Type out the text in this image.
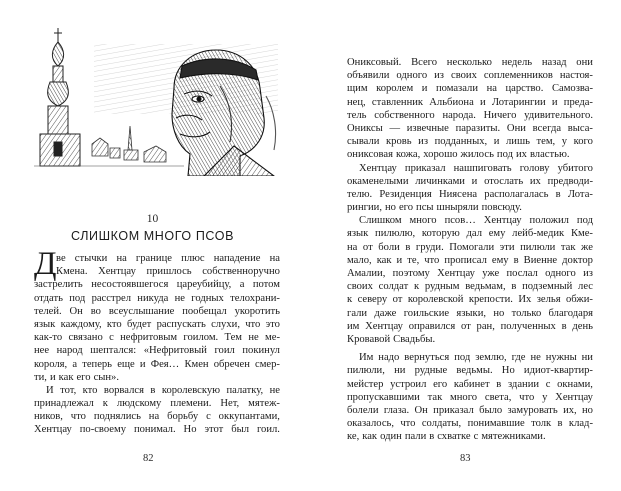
10
СЛИШКОМ МНОГО ПСОВ
Д ве стычки на границе плюс нападение на
Кмена. Хентцау пришлось собственноручно
застрелить несостоявшегося цареубийцу, а потом
отдать под расстрел никуда не годных телохрани-
телей. Он во всеуслышание пообещал укоротить
язык каждому, кто будет распускать слухи, что это
как-то связано с нефритовым гоилом. Тем не ме-
нее народ шептался: «Нефритовый гоил покинул
короля, а теперь еще и Фея… Кмен обречен смер-
ти, и как его сын».
И тот, кто ворвался в королевскую палатку, не
принадлежал к людскому племени. Нет, мятеж-
ников, что поднялись на борьбу с оккупантами,
Хентцау по-своему понимал. Но этот был гоил.
82
Ониксовый. Всего несколько недель назад они
объявили одного из своих соплеменников настоя-
щим королем и помазали на царство. Самозва-
нец, ставленник Альбиона и Лотарингии и преда-
тель собственного народа. Ничего удивительного.
Ониксы — извечные паразиты. Они всегда выса-
сывали кровь из подданных, и лишь тем, у кого
ониксовая кожа, хорошо жилось под их властью.
Хентцау приказал нашпиговать голову убитого
окаменелыми личинками и отослать их предводи-
телю. Резиденция Ниясена располагалась в Лота-
рингии, но его псы шныряли повсюду.
Слишком много псов… Хентцау положил под
язык пилюлю, которую дал ему лейб-медик Кме-
на от боли в груди. Помогали эти пилюли так же
мало, как и те, что прописал ему в Виенне доктор
Амалии, поэтому Хентцау уже послал одного из
своих солдат к рудным ведьмам, в подземный лес
к северу от королевской крепости. Их зелья обжи-
гали даже гоильские языки, но только благодаря
им Хентцау оправился от ран, полученных в день
Кровавой Свадьбы.
Им надо вернуться под землю, где не нужны ни
пилюли, ни рудные ведьмы. Но идиот-квартир-
мейстер устроил его кабинет в здании с окнами,
пропускавшими так много света, что у Хентцау
болели глаза. Он приказал было замуровать их, но
оказалось, что солдаты, понимавшие толк в клад-
ке, как один пали в схватке с мятежниками.
83
